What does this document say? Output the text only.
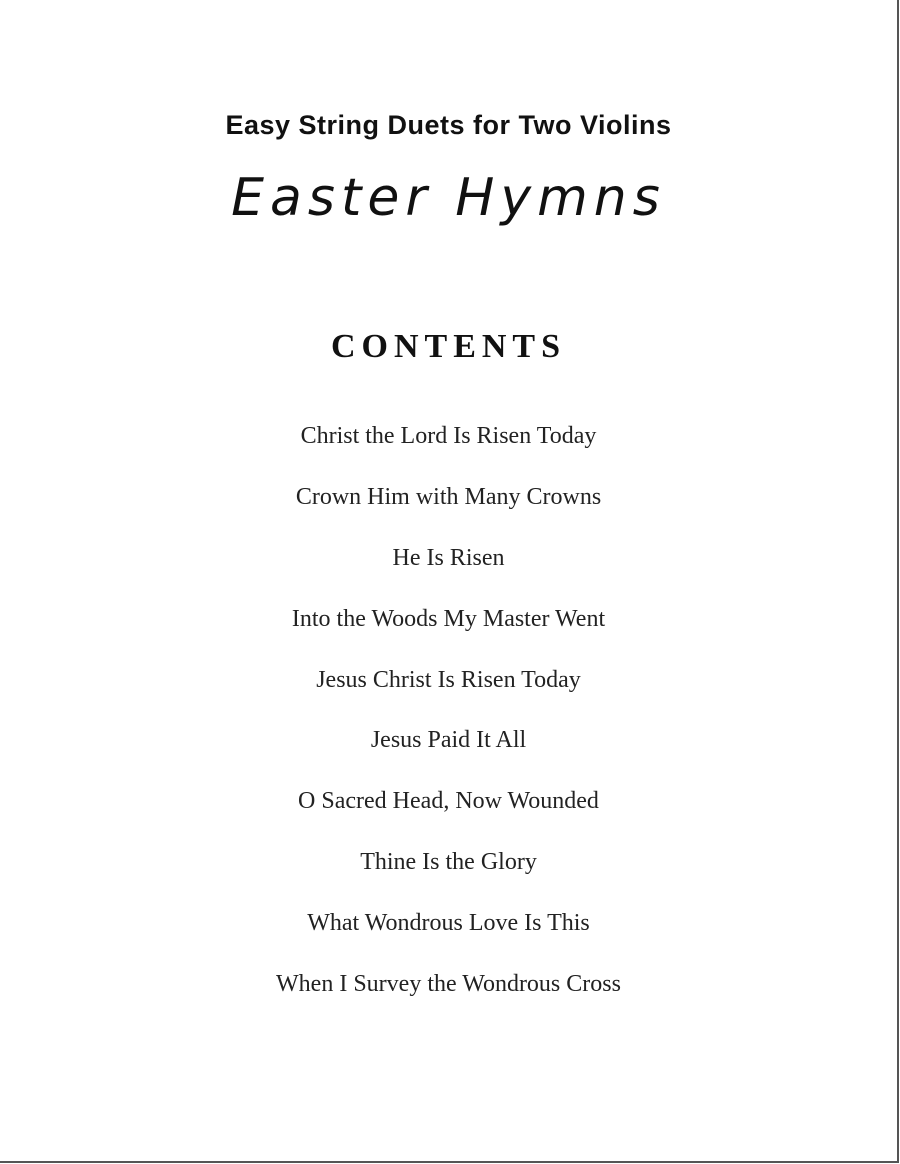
Easy String Duets for Two Violins
Easter Hymns
CONTENTS
Christ the Lord Is Risen Today
Crown Him with Many Crowns
He Is Risen
Into the Woods My Master Went
Jesus Christ Is Risen Today
Jesus Paid It All
O Sacred Head, Now Wounded
Thine Is the Glory
What Wondrous Love Is This
When I Survey the Wondrous Cross
